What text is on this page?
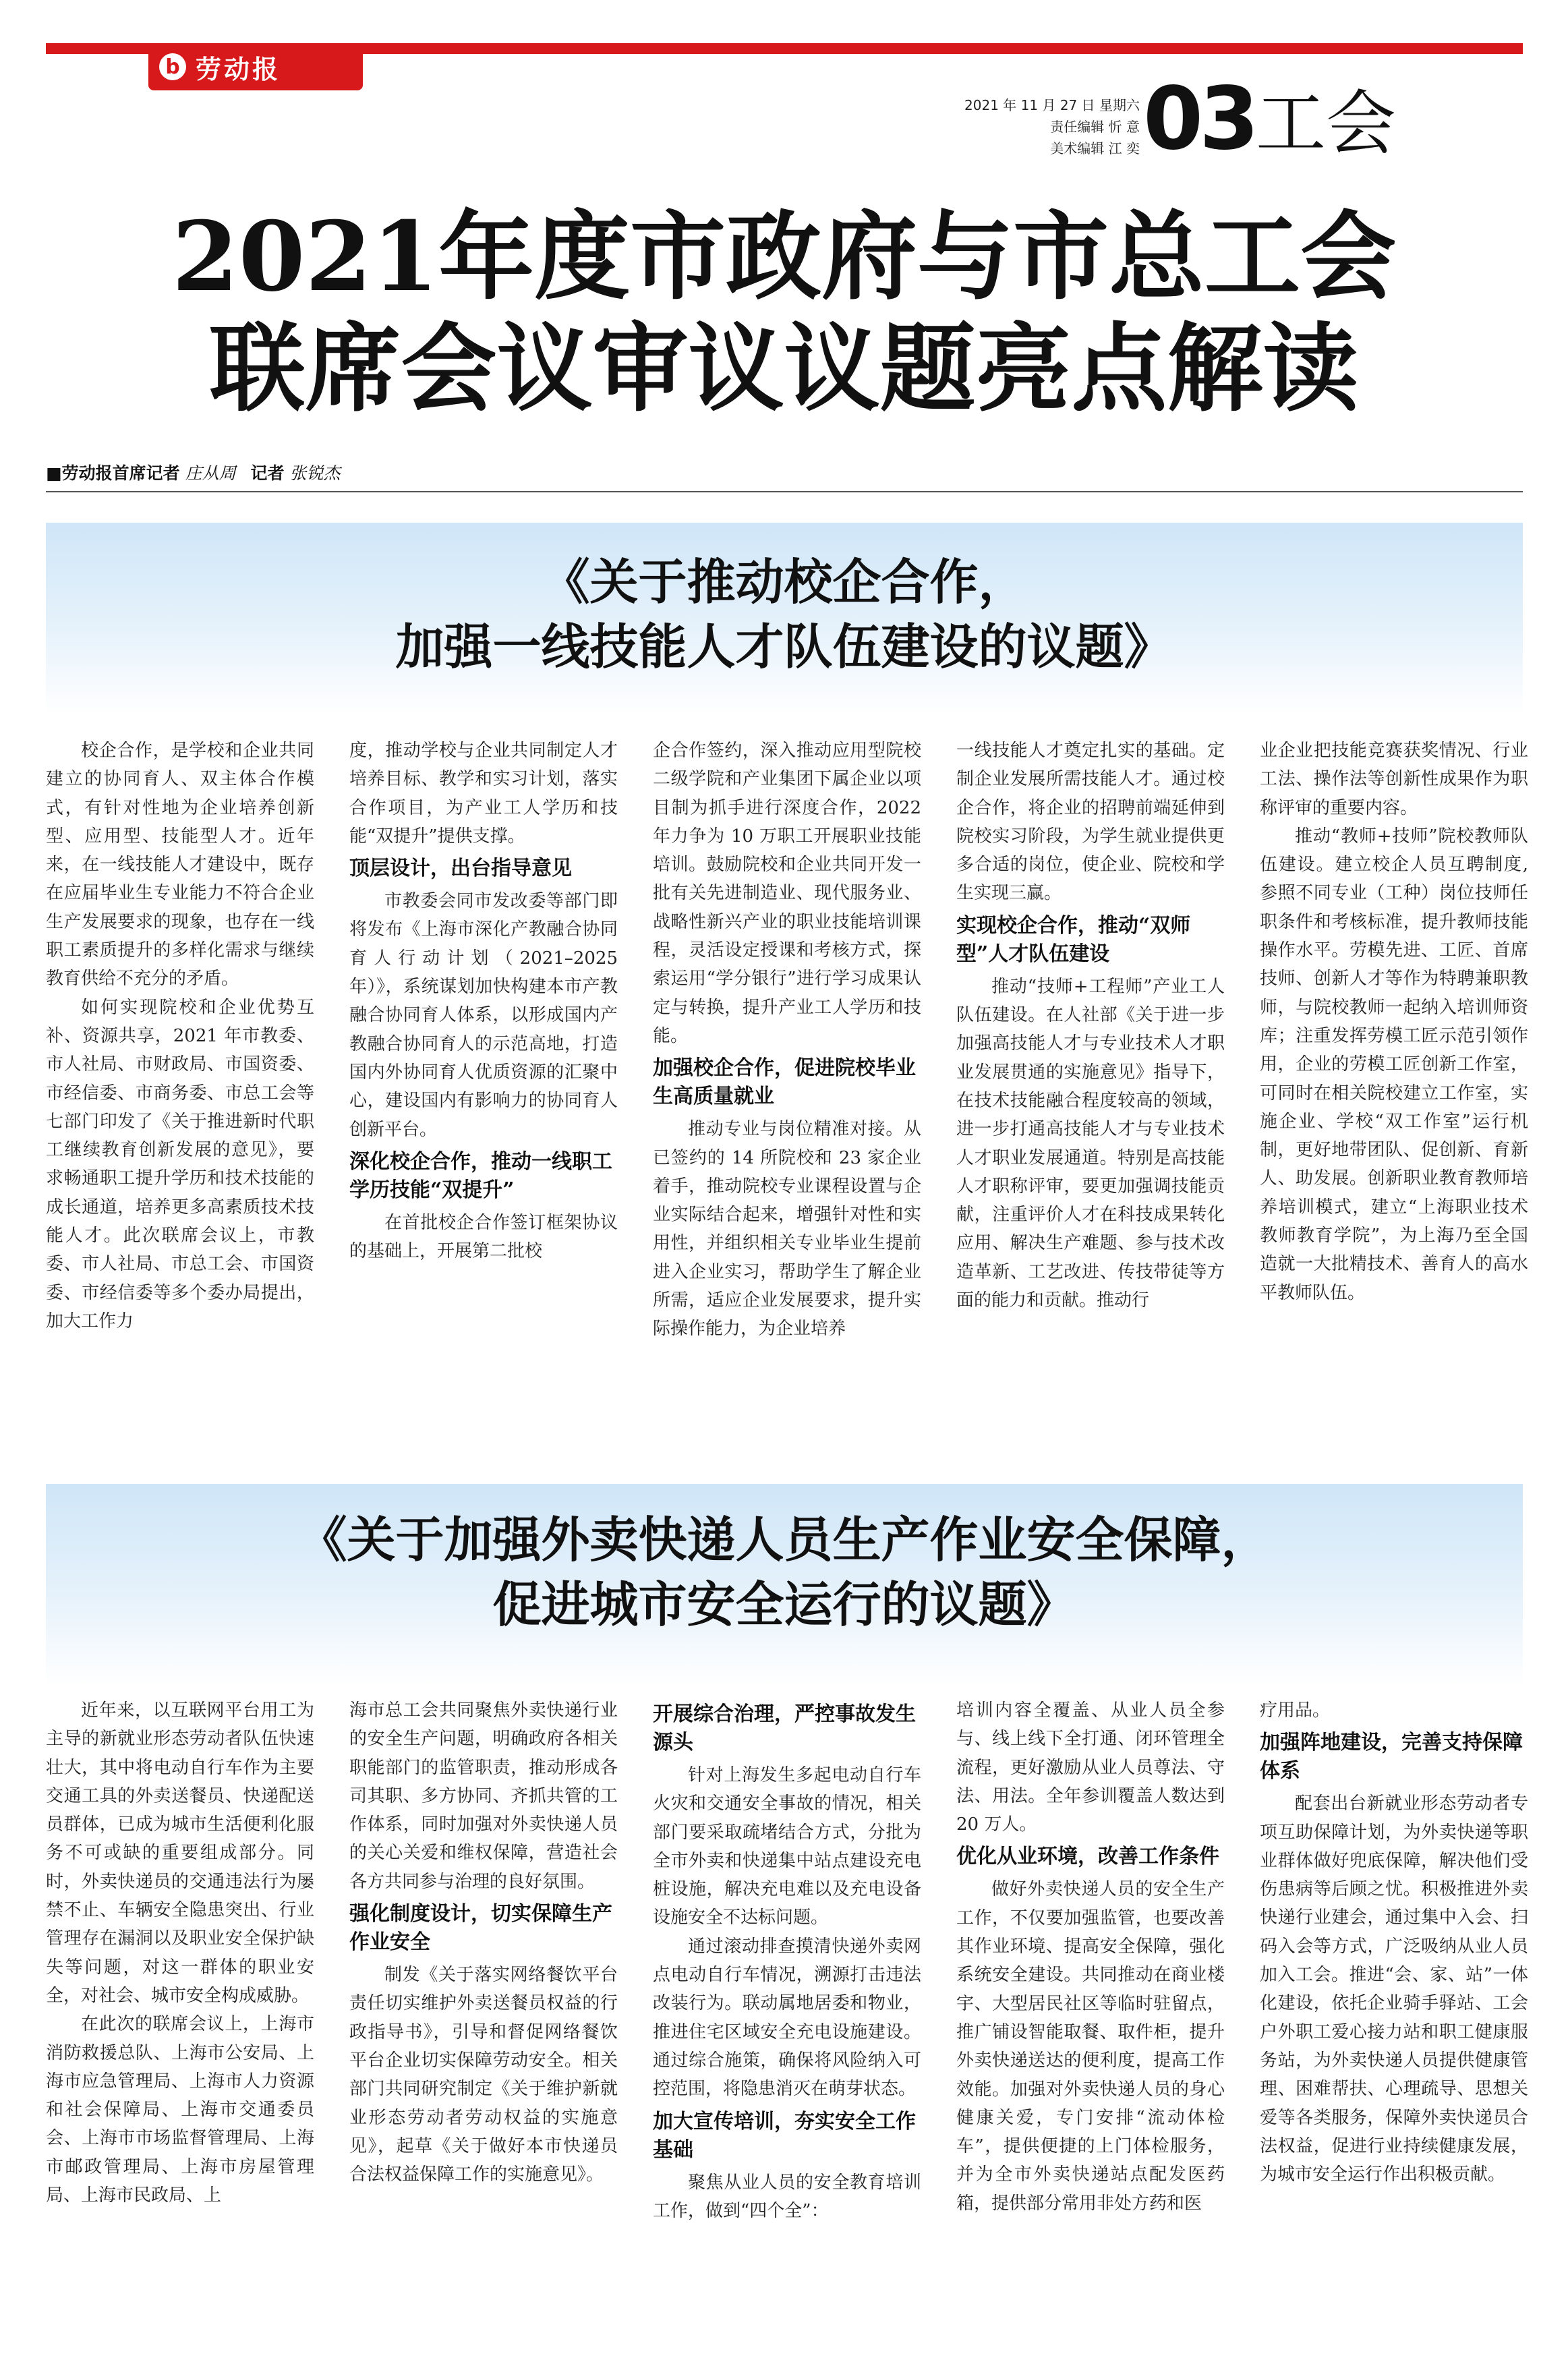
b 劳动报
2021 年 11 月 27 日 星期六
责任编辑 忻 意
美术编辑 江 奕 03 工会
2021年度市政府与市总工会
联席会议审议议题亮点解读
■劳动报首席记者 庄从周 记者 张锐杰
《关于推动校企合作，
加强一线技能人才队伍建设的议题》

校企合作，是学校和企业共同建立的协同育人、双主体合作模式，有针对性地为企业培养创新型、应用型、技能型人才。近年来，在一线技能人才建设中，既存在应届毕业生专业能力不符合企业生产发展要求的现象，也存在一线职工素质提升的多样化需求与继续教育供给不充分的矛盾。

如何实现院校和企业优势互补、资源共享，2021 年市教委、市人社局、市财政局、市国资委、市经信委、市商务委、市总工会等七部门印发了《关于推进新时代职工继续教育创新发展的意见》，要求畅通职工提升学历和技术技能的成长通道，培养更多高素质技术技能人才。此次联席会议上，市教委、市人社局、市总工会、市国资委、市经信委等多个委办局提出，加大工作力

度，推动学校与企业共同制定人才培养目标、教学和实习计划，落实合作项目，为产业工人学历和技能“双提升”提供支撑。

顶层设计，出台指导意见

市教委会同市发改委等部门即将发布《上海市深化产教融合协同育人行动计划（2021–2025 年）》，系统谋划加快构建本市产教融合协同育人体系，以形成国内产教融合协同育人的示范高地，打造国内外协同育人优质资源的汇聚中心，建设国内有影响力的协同育人创新平台。

深化校企合作，推动一线职工学历技能“双提升”

在首批校企合作签订框架协议的基础上，开展第二批校

企合作签约，深入推动应用型院校二级学院和产业集团下属企业以项目制为抓手进行深度合作，2022 年力争为 10 万职工开展职业技能培训。鼓励院校和企业共同开发一批有关先进制造业、现代服务业、战略性新兴产业的职业技能培训课程，灵活设定授课和考核方式，探索运用“学分银行”进行学习成果认定与转换，提升产业工人学历和技能。

加强校企合作，促进院校毕业生高质量就业

推动专业与岗位精准对接。从已签约的 14 所院校和 23 家企业着手，推动院校专业课程设置与企业实际结合起来，增强针对性和实用性，并组织相关专业毕业生提前进入企业实习，帮助学生了解企业所需，适应企业发展要求，提升实际操作能力，为企业培养

一线技能人才奠定扎实的基础。定制企业发展所需技能人才。通过校企合作，将企业的招聘前端延伸到院校实习阶段，为学生就业提供更多合适的岗位，使企业、院校和学生实现三赢。

实现校企合作，推动“双师型”人才队伍建设

推动“技师+工程师”产业工人队伍建设。在人社部《关于进一步加强高技能人才与专业技术人才职业发展贯通的实施意见》指导下，在技术技能融合程度较高的领域，进一步打通高技能人才与专业技术人才职业发展通道。特别是高技能人才职称评审，要更加强调技能贡献，注重评价人才在科技成果转化应用、解决生产难题、参与技术改造革新、工艺改进、传技带徒等方面的能力和贡献。推动行

业企业把技能竞赛获奖情况、行业工法、操作法等创新性成果作为职称评审的重要内容。

推动“教师+技师”院校教师队伍建设。建立校企人员互聘制度,参照不同专业（工种）岗位技师任职条件和考核标准，提升教师技能操作水平。劳模先进、工匠、首席技师、创新人才等作为特聘兼职教师，与院校教师一起纳入培训师资库；注重发挥劳模工匠示范引领作用，企业的劳模工匠创新工作室，可同时在相关院校建立工作室，实施企业、学校“双工作室”运行机制，更好地带团队、促创新、育新人、助发展。创新职业教育教师培养培训模式，建立“上海职业技术教师教育学院”，为上海乃至全国造就一大批精技术、善育人的高水平教师队伍。

《关于加强外卖快递人员生产作业安全保障，
促进城市安全运行的议题》

近年来，以互联网平台用工为主导的新就业形态劳动者队伍快速壮大，其中将电动自行车作为主要交通工具的外卖送餐员、快递配送员群体，已成为城市生活便利化服务不可或缺的重要组成部分。同时，外卖快递员的交通违法行为屡禁不止、车辆安全隐患突出、行业管理存在漏洞以及职业安全保护缺失等问题，对这一群体的职业安全，对社会、城市安全构成威胁。

在此次的联席会议上，上海市消防救援总队、上海市公安局、上海市应急管理局、上海市人力资源和社会保障局、上海市交通委员会、上海市市场监督管理局、上海市邮政管理局、上海市房屋管理局、上海市民政局、上

海市总工会共同聚焦外卖快递行业的安全生产问题，明确政府各相关职能部门的监管职责，推动形成各司其职、多方协同、齐抓共管的工作体系，同时加强对外卖快递人员的关心关爱和维权保障，营造社会各方共同参与治理的良好氛围。

强化制度设计，切实保障生产作业安全

制发《关于落实网络餐饮平台责任切实维护外卖送餐员权益的行政指导书》，引导和督促网络餐饮平台企业切实保障劳动安全。相关部门共同研究制定《关于维护新就业形态劳动者劳动权益的实施意见》，起草《关于做好本市快递员合法权益保障工作的实施意见》。

开展综合治理，严控事故发生源头

针对上海发生多起电动自行车火灾和交通安全事故的情况，相关部门要采取疏堵结合方式，分批为全市外卖和快递集中站点建设充电桩设施，解决充电难以及充电设备设施安全不达标问题。

通过滚动排查摸清快递外卖网点电动自行车情况，溯源打击违法改装行为。联动属地居委和物业，推进住宅区域安全充电设施建设。通过综合施策，确保将风险纳入可控范围，将隐患消灭在萌芽状态。

加大宣传培训，夯实安全工作基础

聚焦从业人员的安全教育培训工作，做到“四个全”：

培训内容全覆盖、从业人员全参与、线上线下全打通、闭环管理全流程，更好激励从业人员尊法、守法、用法。全年参训覆盖人数达到 20 万人。

优化从业环境，改善工作条件

做好外卖快递人员的安全生产工作，不仅要加强监管，也要改善其作业环境、提高安全保障，强化系统安全建设。共同推动在商业楼宇、大型居民社区等临时驻留点，推广铺设智能取餐、取件柜，提升外卖快递送达的便利度，提高工作效能。加强对外卖快递人员的身心健康关爱，专门安排“流动体检车”，提供便捷的上门体检服务，并为全市外卖快递站点配发医药箱，提供部分常用非处方药和医

疗用品。

加强阵地建设，完善支持保障体系

配套出台新就业形态劳动者专项互助保障计划，为外卖快递等职业群体做好兜底保障，解决他们受伤患病等后顾之忧。积极推进外卖快递行业建会，通过集中入会、扫码入会等方式，广泛吸纳从业人员加入工会。推进“会、家、站”一体化建设，依托企业骑手驿站、工会户外职工爱心接力站和职工健康服务站，为外卖快递人员提供健康管理、困难帮扶、心理疏导、思想关爱等各类服务，保障外卖快递员合法权益，促进行业持续健康发展，为城市安全运行作出积极贡献。
